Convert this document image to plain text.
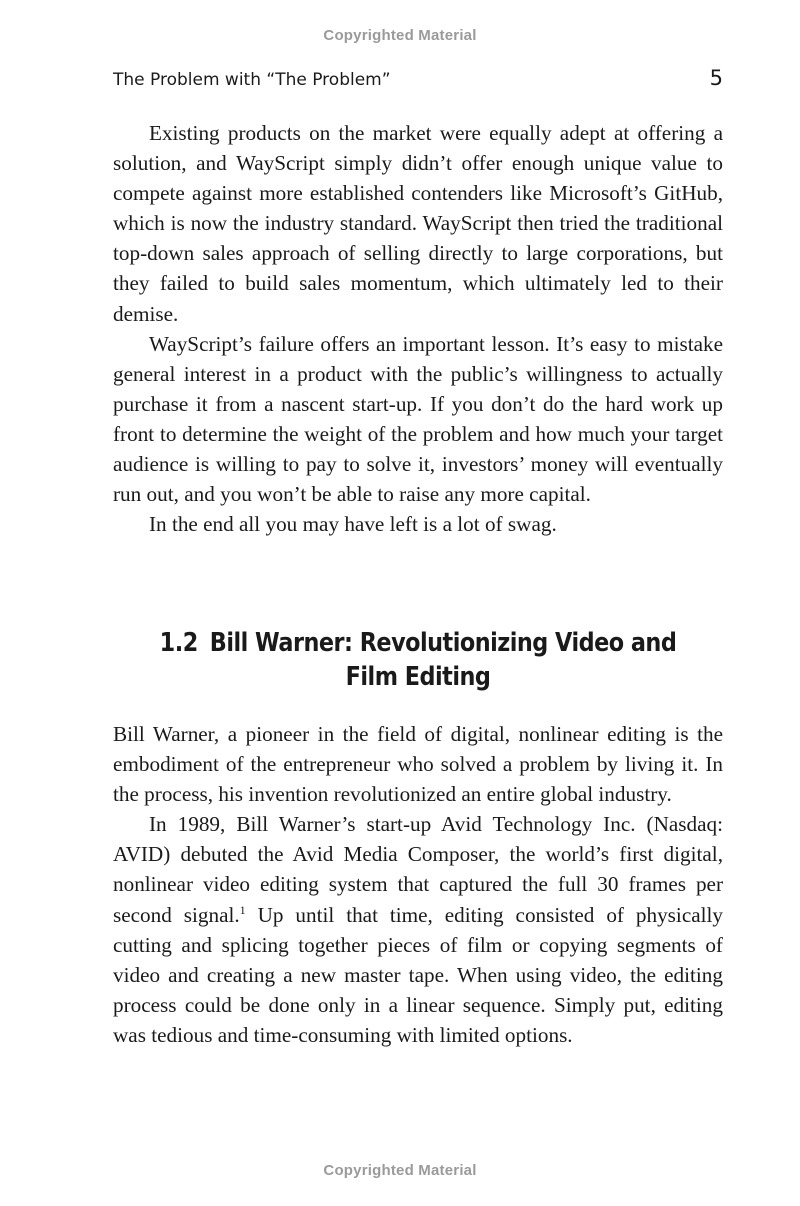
Copyrighted Material
The Problem with “The Problem”	5

Existing products on the market were equally adept at offering a solution, and WayScript simply didn’t offer enough unique value to compete against more established contenders like Microsoft’s GitHub, which is now the industry standard. WayScript then tried the traditional top-down sales approach of selling directly to large corporations, but they failed to build sales momentum, which ultimately led to their demise.

WayScript’s failure offers an important lesson. It’s easy to mistake general interest in a product with the public’s willingness to actually purchase it from a nascent start-up. If you don’t do the hard work up front to determine the weight of the problem and how much your target audience is willing to pay to solve it, investors’ money will eventually run out, and you won’t be able to raise any more capital.

In the end all you may have left is a lot of swag.

1.2 Bill Warner: Revolutionizing Video and Film Editing

Bill Warner, a pioneer in the field of digital, nonlinear editing is the embodiment of the entrepreneur who solved a problem by living it. In the process, his invention revolutionized an entire global industry.

In 1989, Bill Warner’s start-up Avid Technology Inc. (Nasdaq: AVID) debuted the Avid Media Composer, the world’s first digital, nonlinear video editing system that captured the full 30 frames per second signal.$^1$ Up until that time, editing consisted of physically cutting and splicing together pieces of film or copying segments of video and creating a new master tape. When using video, the editing process could be done only in a linear sequence. Simply put, editing was tedious and time-consuming with limited options.

Copyrighted Material
